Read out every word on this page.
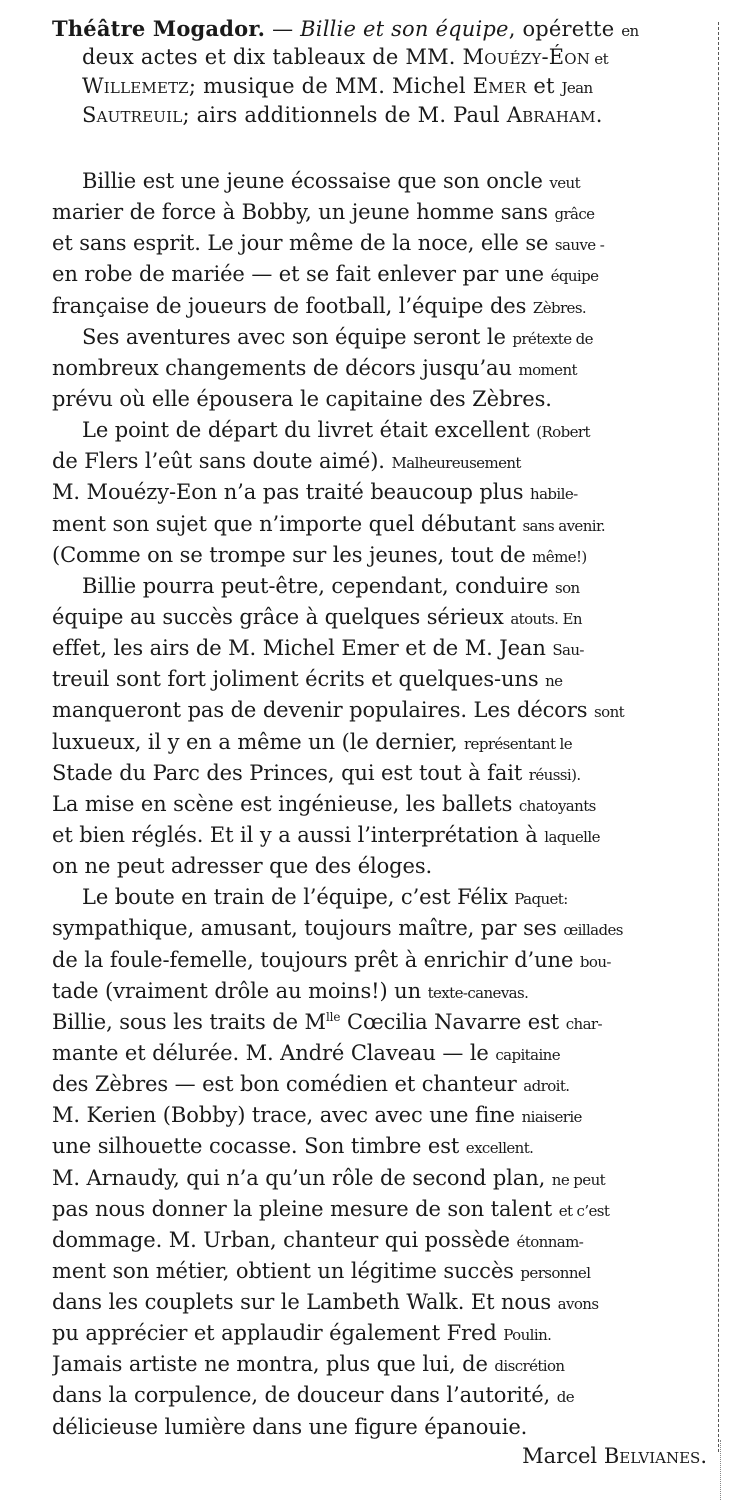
Théâtre Mogador. — Billie et son équipe, opérette en
deux actes et dix tableaux de MM. Mouézy-Éon et
Willemetz; musique de MM. Michel Emer et Jean
Sautreuil; airs additionnels de M. Paul Abraham.
Billie est une jeune écossaise que son oncle veut
marier de force à Bobby, un jeune homme sans grâce
et sans esprit. Le jour même de la noce, elle se sauve -
en robe de mariée — et se fait enlever par une équipe
française de joueurs de football, l’équipe des Zèbres.
Ses aventures avec son équipe seront le prétexte de
nombreux changements de décors jusqu’au moment
prévu où elle épousera le capitaine des Zèbres.
Le point de départ du livret était excellent (Robert
de Flers l’eût sans doute aimé). Malheureusement
M. Mouézy-Eon n’a pas traité beaucoup plus habile-
ment son sujet que n’importe quel débutant sans avenir.
(Comme on se trompe sur les jeunes, tout de même!)
Billie pourra peut-être, cependant, conduire son
équipe au succès grâce à quelques sérieux atouts. En
effet, les airs de M. Michel Emer et de M. Jean Sau-
treuil sont fort joliment écrits et quelques-uns ne
manqueront pas de devenir populaires. Les décors sont
luxueux, il y en a même un (le dernier, représentant le
Stade du Parc des Princes, qui est tout à fait réussi).
La mise en scène est ingénieuse, les ballets chatoyants
et bien réglés. Et il y a aussi l’interprétation à laquelle
on ne peut adresser que des éloges.
Le boute en train de l’équipe, c’est Félix Paquet:
sympathique, amusant, toujours maître, par ses œillades
de la foule-femelle, toujours prêt à enrichir d’une bou-
tade (vraiment drôle au moins!) un texte-canevas.
Billie, sous les traits de $M^{lle}$ Cœcilia Navarre est char-
mante et délurée. M. André Claveau — le capitaine
des Zèbres — est bon comédien et chanteur adroit.
M. Kerien (Bobby) trace, avec avec une fine niaiserie
une silhouette cocasse. Son timbre est excellent.
M. Arnaudy, qui n’a qu’un rôle de second plan, ne peut
pas nous donner la pleine mesure de son talent et c’est
dommage. M. Urban, chanteur qui possède étonnam-
ment son métier, obtient un légitime succès personnel
dans les couplets sur le Lambeth Walk. Et nous avons
pu apprécier et applaudir également Fred Poulin.
Jamais artiste ne montra, plus que lui, de discrétion
dans la corpulence, de douceur dans l’autorité, de
délicieuse lumière dans une figure épanouie.
Marcel Belvianes.
